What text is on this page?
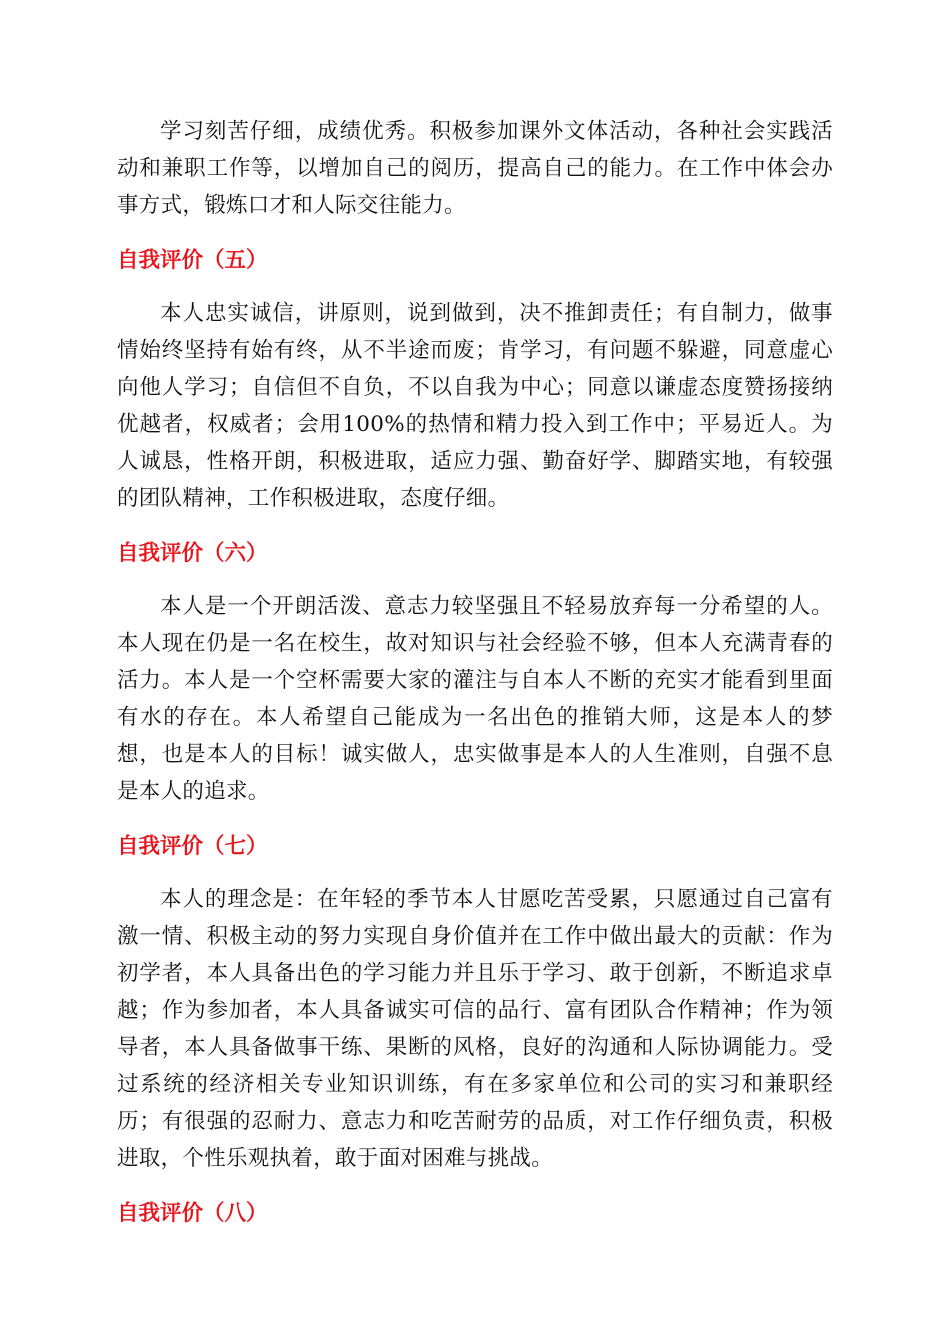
学习刻苦仔细，成绩优秀。积极参加课外文体活动，各种社会实践活动和兼职工作等，以增加自己的阅历，提高自己的能力。在工作中体会办事方式，锻炼口才和人际交往能力。

自我评价（五）

本人忠实诚信，讲原则，说到做到，决不推卸责任；有自制力，做事情始终坚持有始有终，从不半途而废；肯学习，有问题不躲避，同意虚心向他人学习；自信但不自负，不以自我为中心；同意以谦虚态度赞扬接纳优越者，权威者；会用100%的热情和精力投入到工作中；平易近人。为人诚恳，性格开朗，积极进取，适应力强、勤奋好学、脚踏实地，有较强的团队精神，工作积极进取，态度仔细。

自我评价（六）

本人是一个开朗活泼、意志力较坚强且不轻易放弃每一分希望的人。本人现在仍是一名在校生，故对知识与社会经验不够，但本人充满青春的活力。本人是一个空杯需要大家的灌注与自本人不断的充实才能看到里面有水的存在。本人希望自己能成为一名出色的推销大师，这是本人的梦想，也是本人的目标！诚实做人，忠实做事是本人的人生准则，自强不息是本人的追求。

自我评价（七）

本人的理念是：在年轻的季节本人甘愿吃苦受累，只愿通过自己富有激一情、积极主动的努力实现自身价值并在工作中做出最大的贡献：作为初学者，本人具备出色的学习能力并且乐于学习、敢于创新，不断追求卓越；作为参加者，本人具备诚实可信的品行、富有团队合作精神；作为领导者，本人具备做事干练、果断的风格，良好的沟通和人际协调能力。受过系统的经济相关专业知识训练，有在多家单位和公司的实习和兼职经历；有很强的忍耐力、意志力和吃苦耐劳的品质，对工作仔细负责，积极进取，个性乐观执着，敢于面对困难与挑战。

自我评价（八）
